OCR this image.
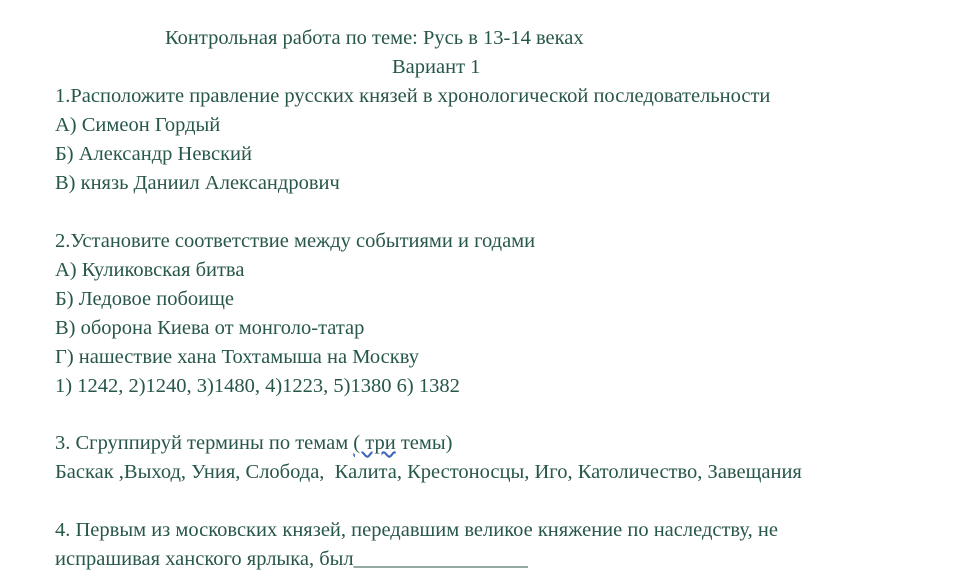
Контрольная работа по теме: Русь в 13-14 веках
Вариант 1
1.Расположите правление русских князей в хронологической последовательности
А) Симеон Гордый
Б) Александр Невский
В) князь Даниил Александрович
2.Установите соответствие между событиями и годами
А) Куликовская битва
Б) Ледовое побоище
В) оборона Киева от монголо-татар
Г) нашествие хана Тохтамыша на Москву
1) 1242, 2)1240, 3)1480, 4)1223, 5)1380 6) 1382
3. Сгруппируй термины по темам ( три темы)
Баскак ,Выход, Уния, Слобода,  Калита, Крестоносцы, Иго, Католичество, Завещания
4. Первым из московских князей, передавшим великое княжение по наследству, не
испрашивая ханского ярлыка, был_________________
